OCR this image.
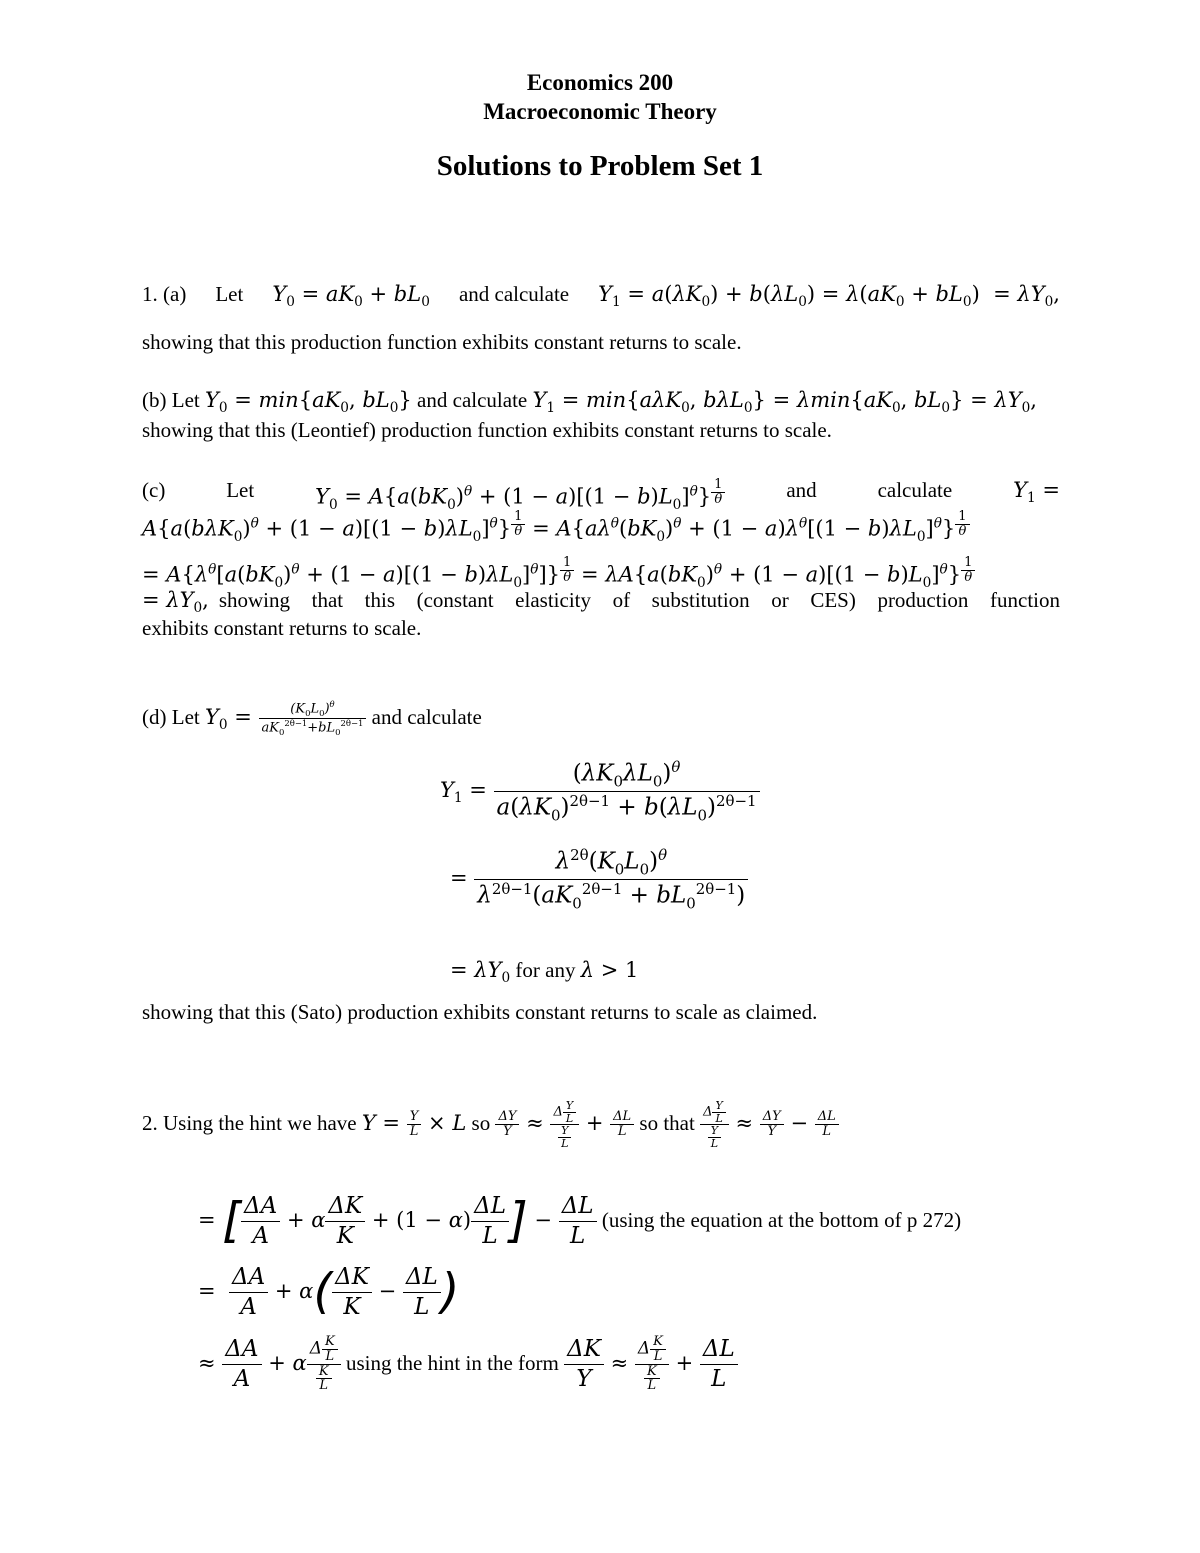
Economics 200
Macroeconomic Theory
Solutions to Problem Set 1
1. (a) Let $Y_0 = aK_0 + bL_0$ and calculate $Y_1 = a(\lambda K_0) + b(\lambda L_0) = \lambda(aK_0 + bL_0) = \lambda Y_0$,
showing that this production function exhibits constant returns to scale.
(b) Let $Y_0 = \min\{aK_0$, $bL_0$} and calculate $Y_1 = \min\{a\lambda K_0$, $b\lambda L_0\} = \lambda\min\{aK_0$, $bL_0\} = \lambda Y_0$,
showing that this (Leontief) production function exhibits constant returns to scale.
(c)	Let	$Y_0 = A\{a(bK_0)^\theta + (1 - a)[(1 - b)L_0]^\theta\}$ $^{\frac{1}{\theta}}$	and	calculate	$Y_1$ =
$A\{a(b\lambda K_0)^\theta + (1 - a)[(1 - b)\lambda L_0]^\theta\} ^{\frac{1}{\theta}} = A\{a\lambda^\theta(bK_0)^\theta + (1 - a)\lambda^\theta[(1 - b)\lambda L_0]^\theta\}$ $^{\frac{1}{\theta}}$
= $A\{\lambda^\theta[a(bK_0)^\theta + (1 - a)[(1 - b)\lambda L_0]^\theta]\} ^{\frac{1}{\theta}} = \lambda A\{a(bK_0)^\theta + (1 - a)[(1 - b)L_0]^\theta\}$ $^{\frac{1}{\theta}}$
= $\lambda Y_0$, showing that this (constant elasticity of substitution or CES) production function
exhibits constant returns to scale.
(d) Let $Y_0 = \frac{(K_0L_0)^\theta}{aK_0^{2\theta-1}+bL_0^{2\theta-1}}$ and calculate
$Y_1 = \frac{(\lambda K_0\lambda L_0)^\theta}{a(\lambda K_0)^{2\theta-1} + b(\lambda L_0)^{2\theta-1}}$
= $\frac{\lambda^{2\theta}(K_0L_0)^\theta}{\lambda^{2\theta-1}(aK_0^{2\theta-1} + bL_0^{2\theta-1})}$
= $\lambda Y_0$ for any λ > 1
showing that this (Sato) production exhibits constant returns to scale as claimed.
2. Using the hint we have $Y = \frac{Y}{L} \times L$ so $\frac{\Delta Y}{Y} \approx \frac{\Delta \frac{Y}{L}}{\frac{Y}{L}} + \frac{\Delta L}{L}$ so that $\frac{\Delta \frac{Y}{L}}{\frac{Y}{L}} \approx \frac{\Delta Y}{Y} - \frac{\Delta L}{L}$
= [ $\frac{\Delta A}{A} + \alpha \frac{\Delta K}{K} + (1 - \alpha) \frac{\Delta L}{L}$ ] − $\frac{\Delta L}{L} (using$ the equation at the bottom of p 272)
= $\frac{\Delta A}{A} + \alpha( \frac{\Delta K}{K} - \frac{\Delta L}{L}$ )
≈ $\frac{\Delta A}{A} + \alpha \frac{\Delta \frac{K}{L}}{\frac{K}{L}}$ using the hint in the form $\frac{\Delta K}{Y} \approx \frac{\Delta \frac{K}{L}}{\frac{K}{L}} + \frac{\Delta L}{L}$
